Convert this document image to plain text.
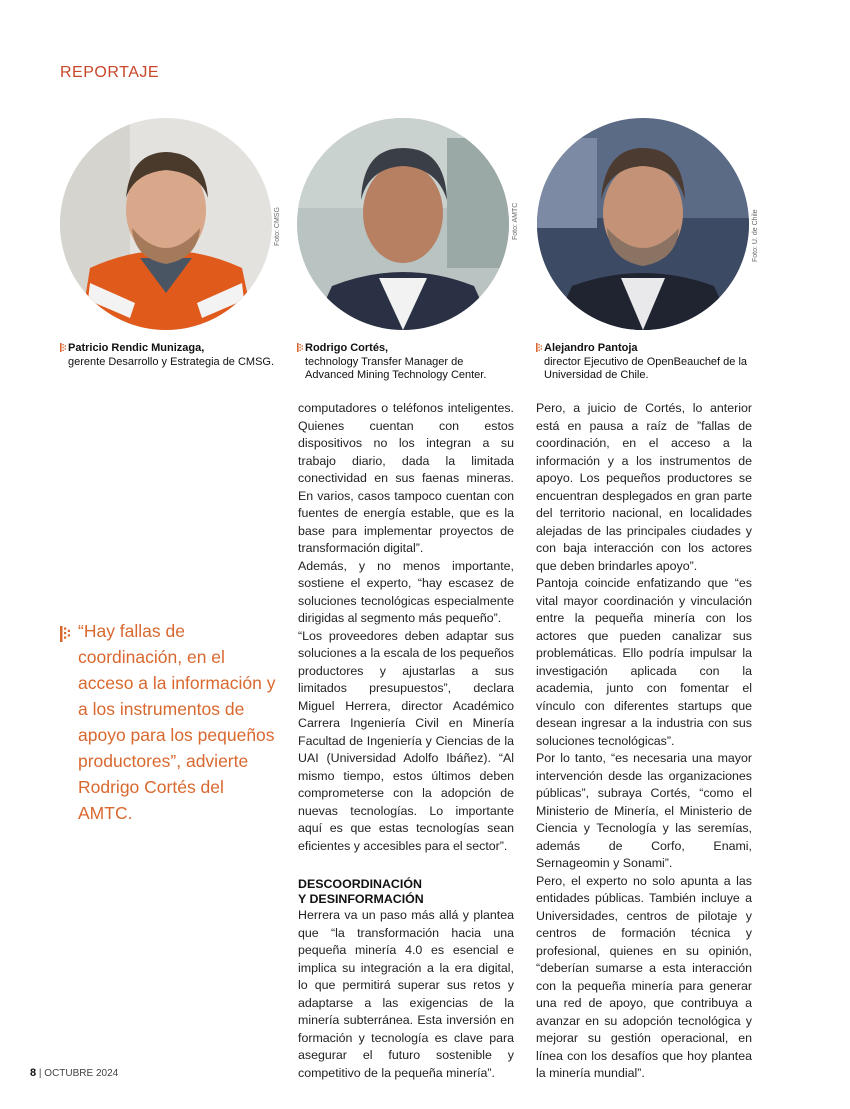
REPORTAJE
Foto: CMSG	Foto: AMTC	Foto: U. de Chile
Patricio Rendic Munizaga,
gerente Desarrollo y Estrategia de CMSG.
Rodrigo Cortés,
technology Transfer Manager de Advanced Mining Technology Center.
Alejandro Pantoja
director Ejecutivo de OpenBeauchef de la Universidad de Chile.
“Hay fallas de coordinación, en el acceso a la información y a los instrumentos de apoyo para los pequeños productores”, advierte Rodrigo Cortés del AMTC.

computadores o teléfonos inteligentes. Quienes cuentan con estos dispositivos no los integran a su trabajo diario, dada la limitada conectividad en sus faenas mineras. En varios, casos tampoco cuentan con fuentes de energía estable, que es la base para implementar proyectos de transformación digital”.

Además, y no menos importante, sostiene el experto, “hay escasez de soluciones tecnológicas especialmente dirigidas al segmento más pequeño”.

“Los proveedores deben adaptar sus soluciones a la escala de los pequeños productores y ajustarlas a sus limitados presupuestos”, declara Miguel Herrera, director Académico Carrera Ingeniería Civil en Minería Facultad de Ingeniería y Ciencias de la UAI (Universidad Adolfo Ibáñez). “Al mismo tiempo, estos últimos deben comprometerse con la adopción de nuevas tecnologías. Lo importante aquí es que estas tecnologías sean eficientes y accesibles para el sector”.

DESCOORDINACIÓN
Y DESINFORMACIÓN

Herrera va un paso más allá y plantea que “la transformación hacia una pequeña minería 4.0 es esencial e implica su integración a la era digital, lo que permitirá superar sus retos y adaptarse a las exigencias de la minería subterránea. Esta inversión en formación y tecnología es clave para asegurar el futuro sostenible y competitivo de la pequeña minería”.

Pero, a juicio de Cortés, lo anterior está en pausa a raíz de ”fallas de coordinación, en el acceso a la información y a los instrumentos de apoyo. Los pequeños productores se encuentran desplegados en gran parte del territorio nacional, en localidades alejadas de las principales ciudades y con baja interacción con los actores que deben brindarles apoyo”.

Pantoja coincide enfatizando que “es vital mayor coordinación y vinculación entre la pequeña minería con los actores que pueden canalizar sus problemáticas. Ello podría impulsar la investigación aplicada con la academia, junto con fomentar el vínculo con diferentes startups que desean ingresar a la industria con sus soluciones tecnológicas”.

Por lo tanto, “es necesaria una mayor intervención desde las organizaciones públicas”, subraya Cortés, “como el Ministerio de Minería, el Ministerio de Ciencia y Tecnología y las seremías, además de Corfo, Enami, Sernageomin y Sonami”.

Pero, el experto no solo apunta a las entidades públicas. También incluye a Universidades, centros de pilotaje y centros de formación técnica y profesional, quienes en su opinión, “deberían sumarse a esta interacción con la pequeña minería para generar una red de apoyo, que contribuya a avanzar en su adopción tecnológica y mejorar su gestión operacional, en línea con los desafíos que hoy plantea la minería mundial”.

8 | OCTUBRE 2024
